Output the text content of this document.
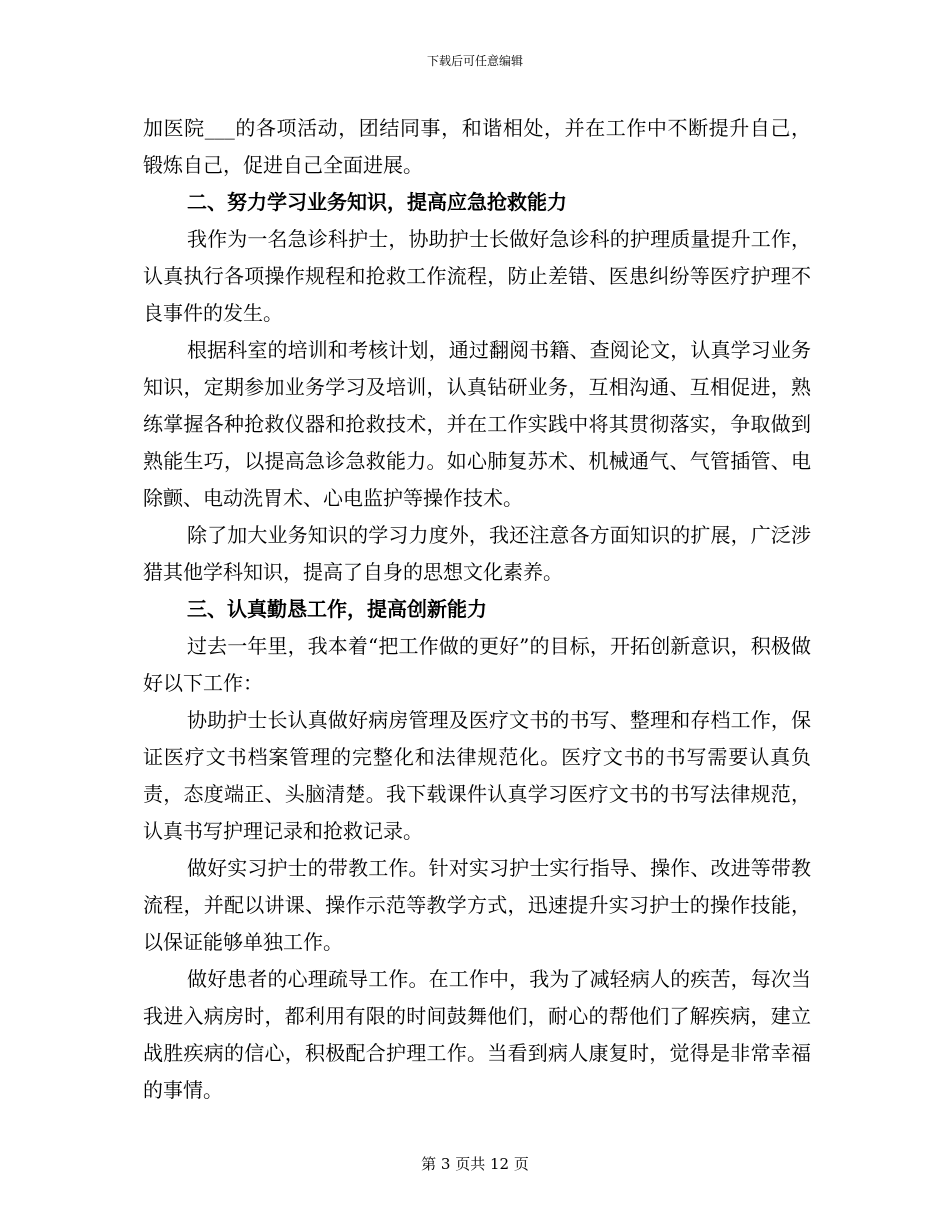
下载后可任意编辑

加医院___的各项活动，团结同事，和谐相处，并在工作中不断提升自己，锻炼自己，促进自己全面进展。

二、努力学习业务知识，提高应急抢救能力

我作为一名急诊科护士，协助护士长做好急诊科的护理质量提升工作，认真执行各项操作规程和抢救工作流程，防止差错、医患纠纷等医疗护理不良事件的发生。

根据科室的培训和考核计划，通过翻阅书籍、查阅论文，认真学习业务知识，定期参加业务学习及培训，认真钻研业务，互相沟通、互相促进，熟练掌握各种抢救仪器和抢救技术，并在工作实践中将其贯彻落实，争取做到熟能生巧，以提高急诊急救能力。如心肺复苏术、机械通气、气管插管、电除颤、电动洗胃术、心电监护等操作技术。

除了加大业务知识的学习力度外，我还注意各方面知识的扩展，广泛涉猎其他学科知识，提高了自身的思想文化素养。

三、认真勤恳工作，提高创新能力

过去一年里，我本着“把工作做的更好”的目标，开拓创新意识，积极做好以下工作：

协助护士长认真做好病房管理及医疗文书的书写、整理和存档工作，保证医疗文书档案管理的完整化和法律规范化。医疗文书的书写需要认真负责，态度端正、头脑清楚。我下载课件认真学习医疗文书的书写法律规范，认真书写护理记录和抢救记录。

做好实习护士的带教工作。针对实习护士实行指导、操作、改进等带教流程，并配以讲课、操作示范等教学方式，迅速提升实习护士的操作技能，以保证能够单独工作。

做好患者的心理疏导工作。在工作中，我为了减轻病人的疾苦，每次当我进入病房时，都利用有限的时间鼓舞他们，耐心的帮他们了解疾病，建立战胜疾病的信心，积极配合护理工作。当看到病人康复时，觉得是非常幸福的事情。

第 3 页共 12 页
